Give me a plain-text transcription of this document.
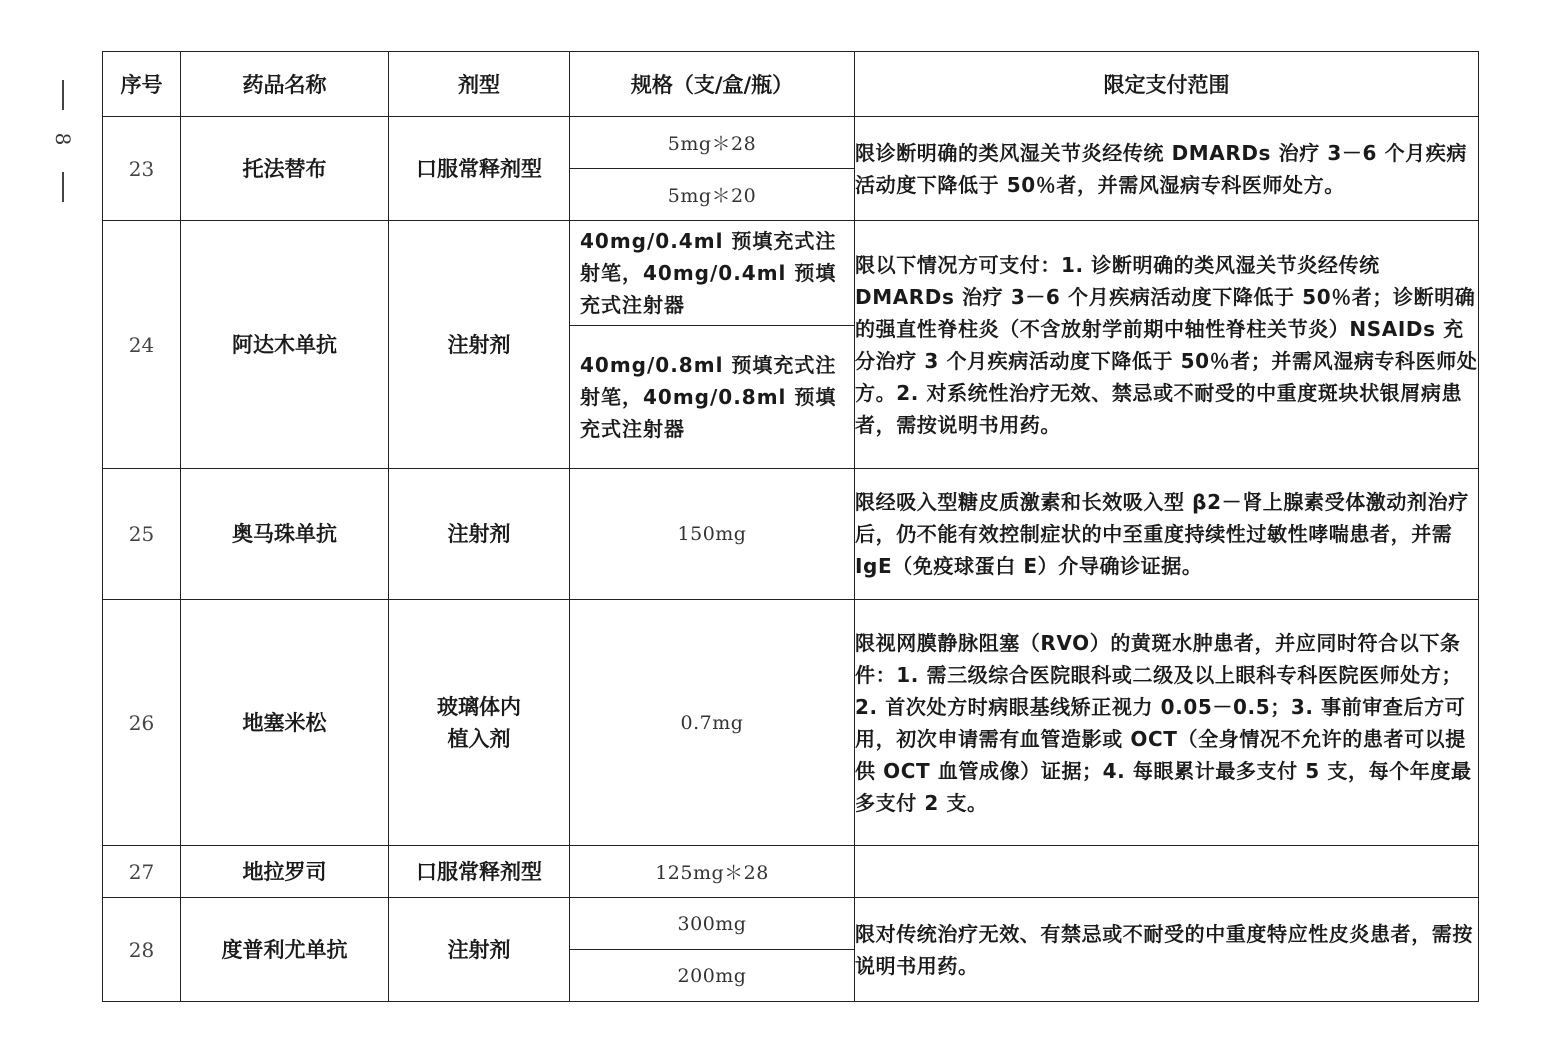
8
序号	药品名称	剂型	规格（支/盒/瓶）	限定支付范围
23	托法替布	口服常释剂型	5mg＊28	限诊断明确的类风湿关节炎经传统 DMARDs 治疗 3－6 个月疾病活动度下降低于 50％者，并需风湿病专科医师处方。
			5mg＊20	
24	阿达木单抗	注射剂	40mg/0.4ml 预填充式注射笔，40mg/0.4ml 预填充式注射器	限以下情况方可支付：1. 诊断明确的类风湿关节炎经传统 DMARDs 治疗 3－6 个月疾病活动度下降低于 50％者；诊断明确的强直性脊柱炎（不含放射学前期中轴性脊柱关节炎）NSAIDs 充分治疗 3 个月疾病活动度下降低于 50％者；并需风湿病专科医师处方。2. 对系统性治疗无效、禁忌或不耐受的中重度斑块状银屑病患者，需按说明书用药。
			40mg/0.8ml 预填充式注射笔，40mg/0.8ml 预填充式注射器	
25	奥马珠单抗	注射剂	150mg	限经吸入型糖皮质激素和长效吸入型 β2－肾上腺素受体激动剂治疗后，仍不能有效控制症状的中至重度持续性过敏性哮喘患者，并需 IgE（免疫球蛋白 E）介导确诊证据。
26	地塞米松	玻璃体内植入剂	0.7mg	限视网膜静脉阻塞（RVO）的黄斑水肿患者，并应同时符合以下条件：1. 需三级综合医院眼科或二级及以上眼科专科医院医师处方；2. 首次处方时病眼基线矫正视力 0.05－0.5；3. 事前审查后方可用，初次申请需有血管造影或 OCT（全身情况不允许的患者可以提供 OCT 血管成像）证据；4. 每眼累计最多支付 5 支，每个年度最多支付 2 支。
27	地拉罗司	口服常释剂型	125mg＊28	
28	度普利尤单抗	注射剂	300mg	限对传统治疗无效、有禁忌或不耐受的中重度特应性皮炎患者，需按说明书用药。
			200mg	
